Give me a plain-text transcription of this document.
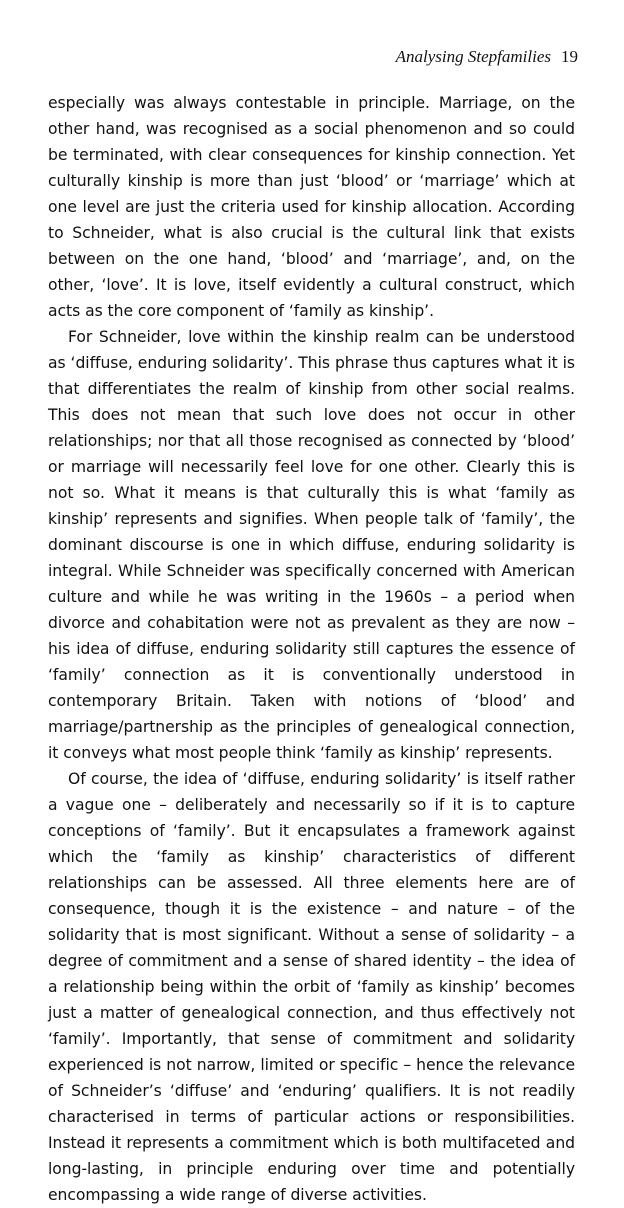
Analysing Stepfamilies 19

especially was always contestable in principle. Marriage, on the other hand, was recognised as a social phenomenon and so could be terminated, with clear consequences for kinship connection. Yet culturally kinship is more than just ‘blood’ or ‘marriage’ which at one level are just the criteria used for kinship allocation. According to Schneider, what is also crucial is the cultural link that exists between on the one hand, ‘blood’ and ‘marriage’, and, on the other, ‘love’. It is love, itself evidently a cultural construct, which acts as the core component of ‘family as kinship’.

For Schneider, love within the kinship realm can be understood as ‘diffuse, enduring solidarity’. This phrase thus captures what it is that differentiates the realm of kinship from other social realms. This does not mean that such love does not occur in other relationships; nor that all those recognised as connected by ‘blood’ or marriage will necessarily feel love for one other. Clearly this is not so. What it means is that culturally this is what ‘family as kinship’ represents and signifies. When people talk of ‘family’, the dominant discourse is one in which diffuse, enduring solidarity is integral. While Schneider was specifically concerned with American culture and while he was writing in the 1960s – a period when divorce and cohabitation were not as prevalent as they are now – his idea of diffuse, enduring solidarity still captures the essence of ‘family’ connection as it is conventionally understood in contemporary Britain. Taken with notions of ‘blood’ and marriage/partnership as the principles of genealogical connection, it conveys what most people think ‘family as kinship’ represents.

Of course, the idea of ‘diffuse, enduring solidarity’ is itself rather a vague one – deliberately and necessarily so if it is to capture conceptions of ‘family’. But it encapsulates a framework against which the ‘family as kinship’ characteristics of different relationships can be assessed. All three elements here are of consequence, though it is the existence – and nature – of the solidarity that is most significant. Without a sense of solidarity – a degree of commitment and a sense of shared identity – the idea of a relationship being within the orbit of ‘family as kinship’ becomes just a matter of genealogical connection, and thus effectively not ‘family’. Importantly, that sense of commitment and solidarity experienced is not narrow, limited or specific – hence the relevance of Schneider’s ‘diffuse’ and ‘enduring’ qualifiers. It is not readily characterised in terms of particular actions or responsibilities. Instead it represents a commitment which is both multifaceted and long-lasting, in principle enduring over time and potentially encompassing a wide range of diverse activities.
